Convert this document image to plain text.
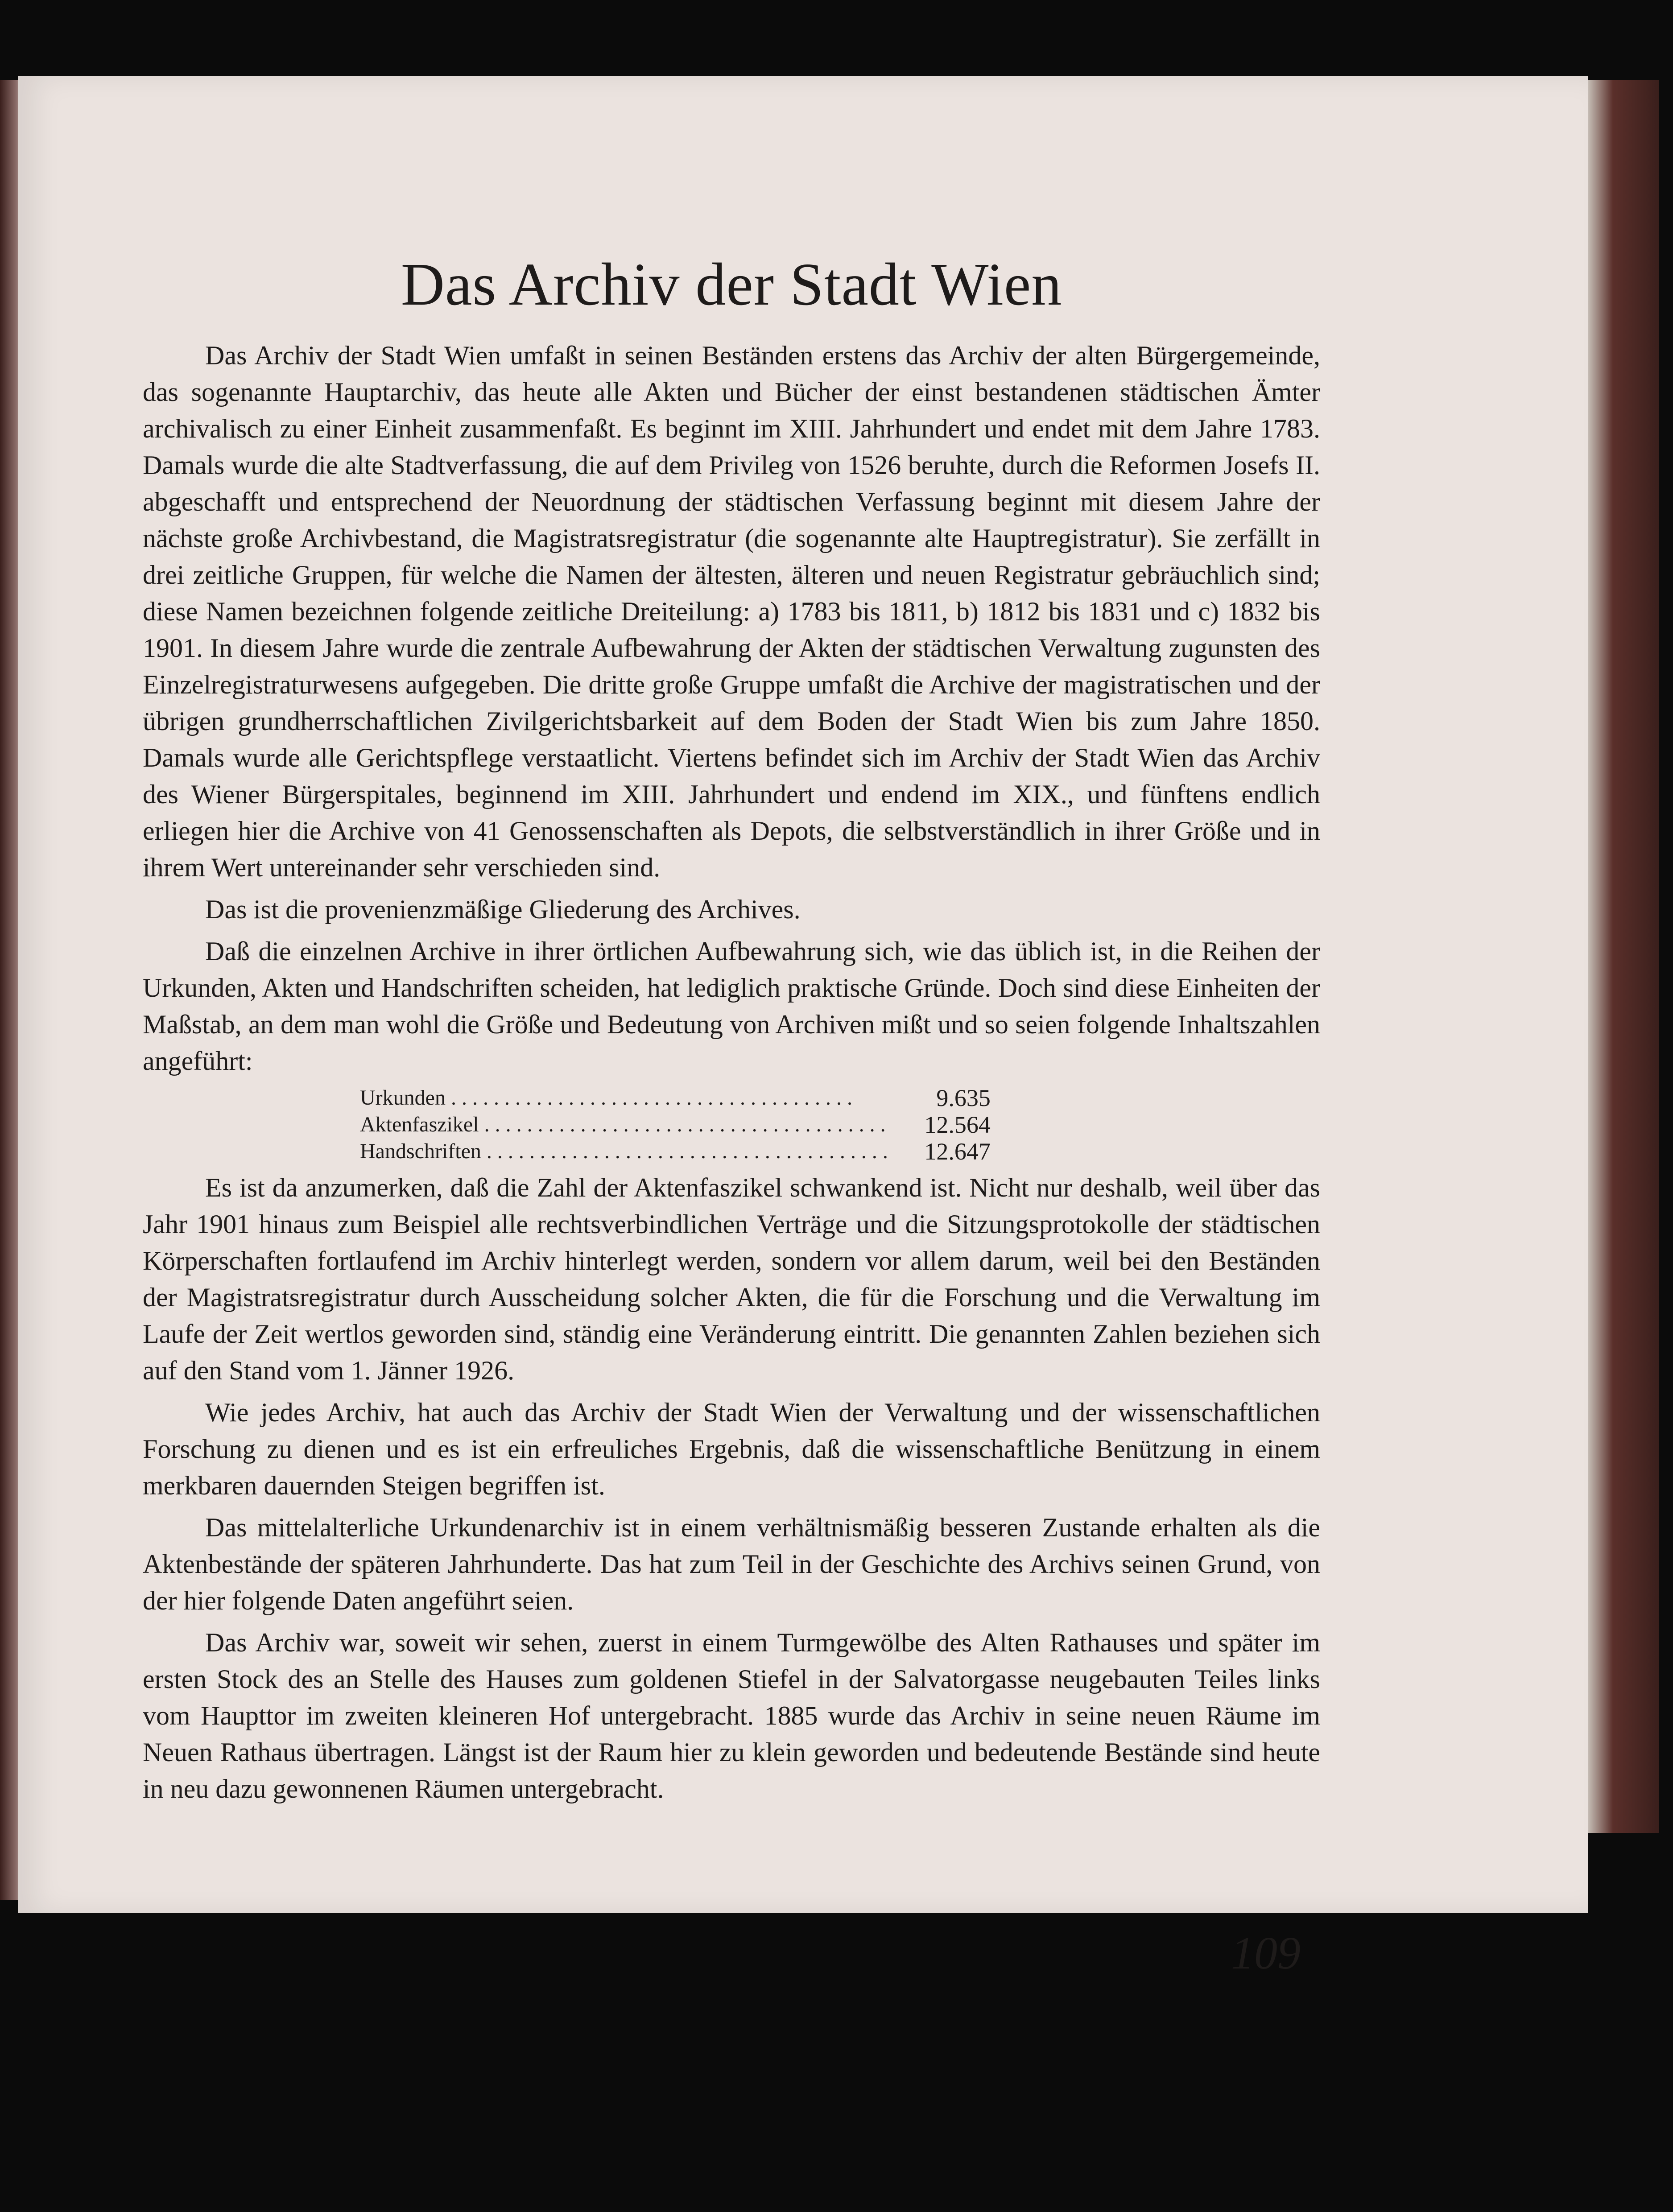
Das Archiv der Stadt Wien

Das Archiv der Stadt Wien umfaßt in seinen Beständen erstens das Archiv der alten Bürgergemeinde, das sogenannte Hauptarchiv, das heute alle Akten und Bücher der einst bestandenen städtischen Ämter archivalisch zu einer Einheit zusammenfaßt. Es beginnt im XIII. Jahrhundert und endet mit dem Jahre 1783. Damals wurde die alte Stadtverfassung, die auf dem Privileg von 1526 beruhte, durch die Reformen Josefs II. abgeschafft und entsprechend der Neuordnung der städtischen Verfassung beginnt mit diesem Jahre der nächste große Archivbestand, die Magistratsregistratur (die sogenannte alte Hauptregistratur). Sie zerfällt in drei zeitliche Gruppen, für welche die Namen der ältesten, älteren und neuen Registratur gebräuchlich sind; diese Namen bezeichnen folgende zeitliche Dreiteilung: a) 1783 bis 1811, b) 1812 bis 1831 und c) 1832 bis 1901. In diesem Jahre wurde die zentrale Aufbewahrung der Akten der städtischen Verwaltung zugunsten des Einzelregistraturwesens aufgegeben. Die dritte große Gruppe umfaßt die Archive der magistratischen und der übrigen grundherrschaftlichen Zivilgerichtsbarkeit auf dem Boden der Stadt Wien bis zum Jahre 1850. Damals wurde alle Gerichtspflege verstaatlicht. Viertens befindet sich im Archiv der Stadt Wien das Archiv des Wiener Bürgerspitales, beginnend im XIII. Jahrhundert und endend im XIX., und fünftens endlich erliegen hier die Archive von 41 Genossenschaften als Depots, die selbstverständlich in ihrer Größe und in ihrem Wert untereinander sehr verschieden sind.

Das ist die provenienzmäßige Gliederung des Archives.

Daß die einzelnen Archive in ihrer örtlichen Aufbewahrung sich, wie das üblich ist, in die Reihen der Urkunden, Akten und Handschriften scheiden, hat lediglich praktische Gründe. Doch sind diese Einheiten der Maßstab, an dem man wohl die Größe und Bedeutung von Archiven mißt und so seien folgende Inhaltszahlen angeführt:

Urkunden . . .	9.635
Aktenfaszikel . . .	12.564
Handschriften . . .	12.647

Es ist da anzumerken, daß die Zahl der Aktenfaszikel schwankend ist. Nicht nur deshalb, weil über das Jahr 1901 hinaus zum Beispiel alle rechtsverbindlichen Verträge und die Sitzungsprotokolle der städtischen Körperschaften fortlaufend im Archiv hinterlegt werden, sondern vor allem darum, weil bei den Beständen der Magistratsregistratur durch Ausscheidung solcher Akten, die für die Forschung und die Verwaltung im Laufe der Zeit wertlos geworden sind, ständig eine Veränderung eintritt. Die genannten Zahlen beziehen sich auf den Stand vom 1. Jänner 1926.

Wie jedes Archiv, hat auch das Archiv der Stadt Wien der Verwaltung und der wissenschaftlichen Forschung zu dienen und es ist ein erfreuliches Ergebnis, daß die wissenschaftliche Benützung in einem merkbaren dauernden Steigen begriffen ist.

Das mittelalterliche Urkundenarchiv ist in einem verhältnismäßig besseren Zustande erhalten als die Aktenbestände der späteren Jahrhunderte. Das hat zum Teil in der Geschichte des Archivs seinen Grund, von der hier folgende Daten angeführt seien.

Das Archiv war, soweit wir sehen, zuerst in einem Turmgewölbe des Alten Rathauses und später im ersten Stock des an Stelle des Hauses zum goldenen Stiefel in der Salvatorgasse neugebauten Teiles links vom Haupttor im zweiten kleineren Hof untergebracht. 1885 wurde das Archiv in seine neuen Räume im Neuen Rathaus übertragen. Längst ist der Raum hier zu klein geworden und bedeutende Bestände sind heute in neu dazu gewonnenen Räumen untergebracht.

109
